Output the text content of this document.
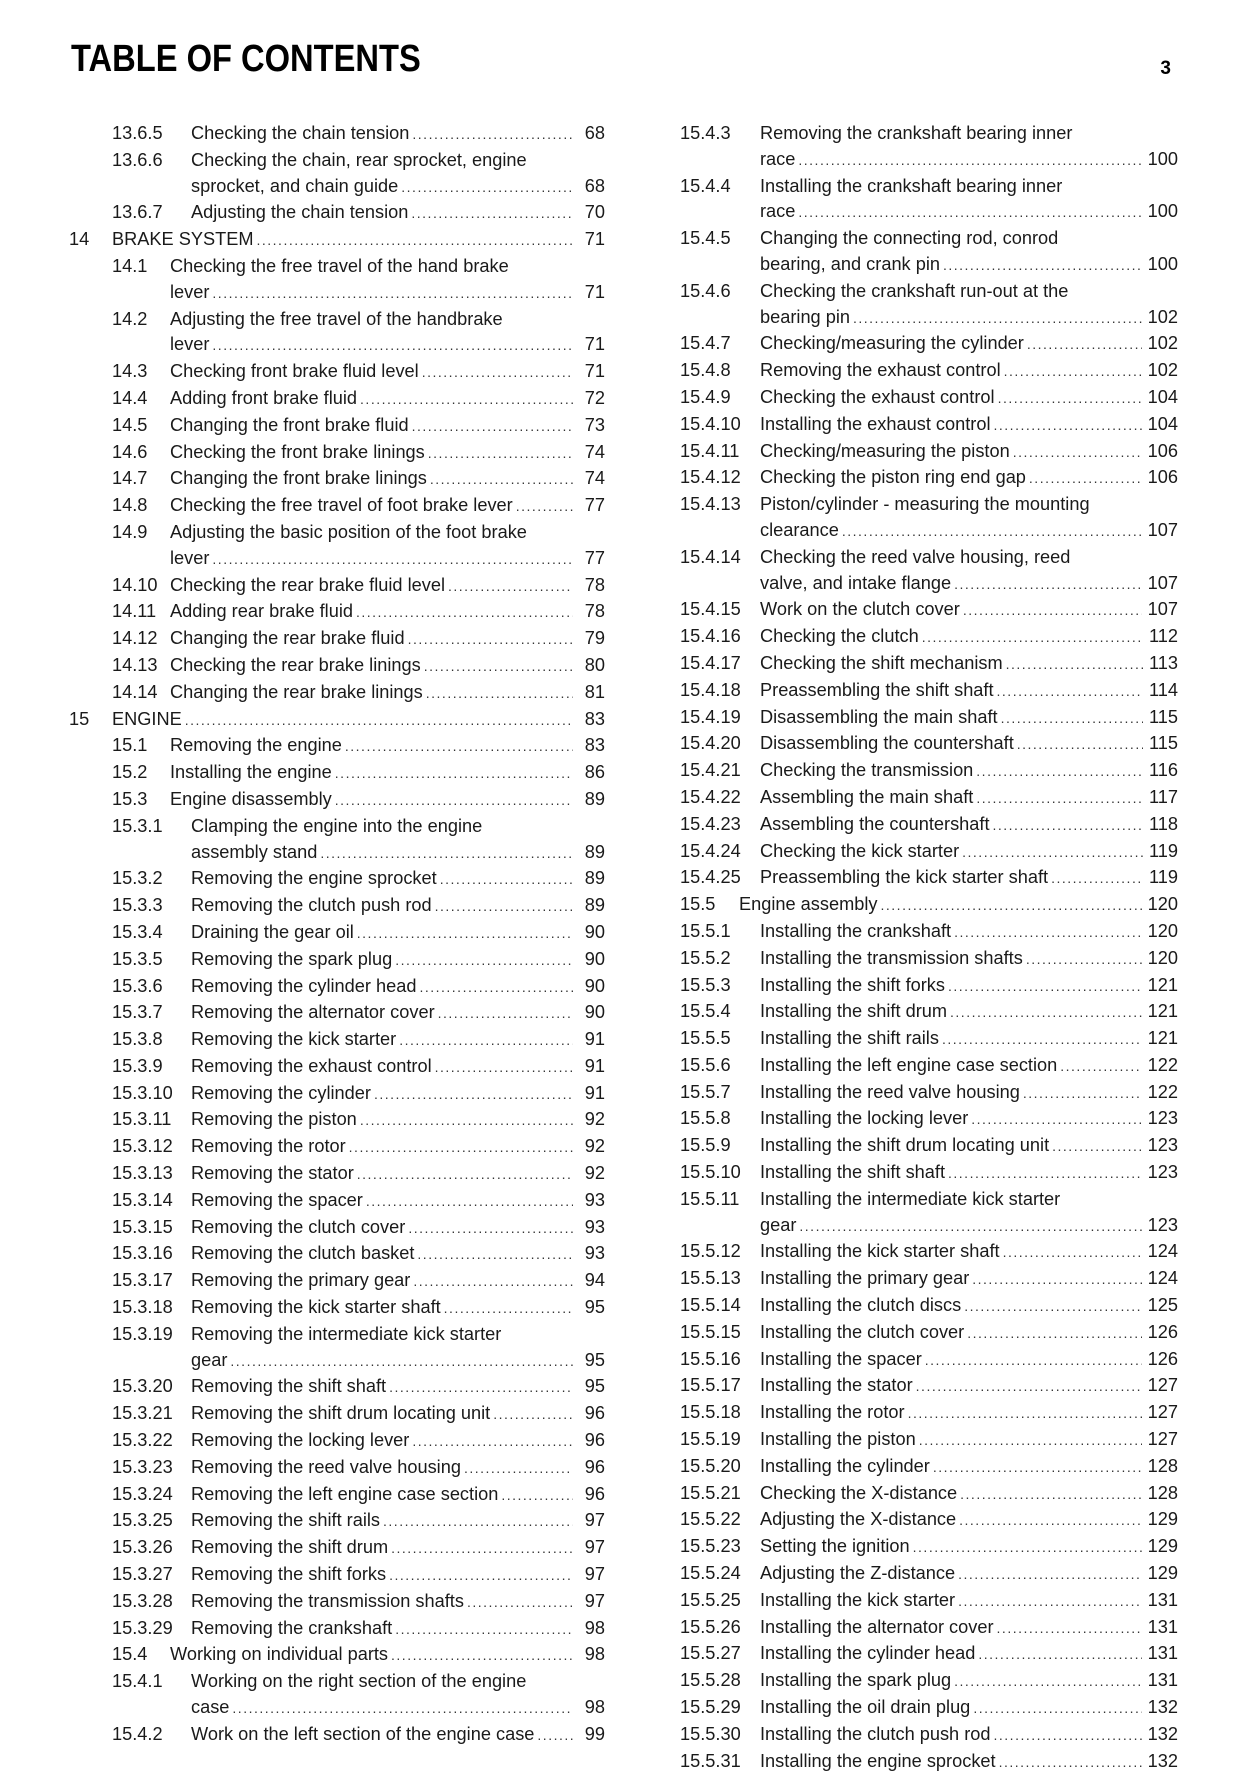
TABLE OF CONTENTS	3
13.6.5 Checking the chain tension .....	68
13.6.6 Checking the chain, rear sprocket, engine
sprocket, and chain guide .....	68
13.6.7 Adjusting the chain tension .....	70
14 BRAKE SYSTEM .....	71
14.1 Checking the free travel of the hand brake
lever .....	71
14.2 Adjusting the free travel of the handbrake
lever .....	71
14.3 Checking front brake fluid level .....	71
14.4 Adding front brake fluid .....	72
14.5 Changing the front brake fluid .....	73
14.6 Checking the front brake linings .....	74
14.7 Changing the front brake linings .....	74
14.8 Checking the free travel of foot brake lever .....	77
14.9 Adjusting the basic position of the foot brake
lever .....	77
14.10 Checking the rear brake fluid level .....	78
14.11 Adding rear brake fluid .....	78
14.12 Changing the rear brake fluid .....	79
14.13 Checking the rear brake linings .....	80
14.14 Changing the rear brake linings .....	81
15 ENGINE .....	83
15.1 Removing the engine .....	83
15.2 Installing the engine .....	86
15.3 Engine disassembly .....	89
15.3.1 Clamping the engine into the engine
assembly stand .....	89
15.3.2 Removing the engine sprocket .....	89
15.3.3 Removing the clutch push rod .....	89
15.3.4 Draining the gear oil .....	90
15.3.5 Removing the spark plug .....	90
15.3.6 Removing the cylinder head .....	90
15.3.7 Removing the alternator cover .....	90
15.3.8 Removing the kick starter .....	91
15.3.9 Removing the exhaust control .....	91
15.3.10 Removing the cylinder .....	91
15.3.11 Removing the piston .....	92
15.3.12 Removing the rotor .....	92
15.3.13 Removing the stator .....	92
15.3.14 Removing the spacer .....	93
15.3.15 Removing the clutch cover .....	93
15.3.16 Removing the clutch basket .....	93
15.3.17 Removing the primary gear .....	94
15.3.18 Removing the kick starter shaft .....	95
15.3.19 Removing the intermediate kick starter
gear .....	95
15.3.20 Removing the shift shaft .....	95
15.3.21 Removing the shift drum locating unit .....	96
15.3.22 Removing the locking lever .....	96
15.3.23 Removing the reed valve housing .....	96
15.3.24 Removing the left engine case section .....	96
15.3.25 Removing the shift rails .....	97
15.3.26 Removing the shift drum .....	97
15.3.27 Removing the shift forks .....	97
15.3.28 Removing the transmission shafts .....	97
15.3.29 Removing the crankshaft .....	98
15.4 Working on individual parts .....	98
15.4.1 Working on the right section of the engine
case .....	98
15.4.2 Work on the left section of the engine case .....	99
15.4.3 Removing the crankshaft bearing inner
race .....	100
15.4.4 Installing the crankshaft bearing inner
race .....	100
15.4.5 Changing the connecting rod, conrod
bearing, and crank pin .....	100
15.4.6 Checking the crankshaft run-out at the
bearing pin .....	102
15.4.7 Checking/measuring the cylinder .....	102
15.4.8 Removing the exhaust control .....	102
15.4.9 Checking the exhaust control .....	104
15.4.10 Installing the exhaust control .....	104
15.4.11 Checking/measuring the piston .....	106
15.4.12 Checking the piston ring end gap .....	106
15.4.13 Piston/cylinder - measuring the mounting
clearance .....	107
15.4.14 Checking the reed valve housing, reed
valve, and intake flange .....	107
15.4.15 Work on the clutch cover .....	107
15.4.16 Checking the clutch .....	112
15.4.17 Checking the shift mechanism .....	113
15.4.18 Preassembling the shift shaft .....	114
15.4.19 Disassembling the main shaft .....	115
15.4.20 Disassembling the countershaft .....	115
15.4.21 Checking the transmission .....	116
15.4.22 Assembling the main shaft .....	117
15.4.23 Assembling the countershaft .....	118
15.4.24 Checking the kick starter .....	119
15.4.25 Preassembling the kick starter shaft .....	119
15.5 Engine assembly .....	120
15.5.1 Installing the crankshaft .....	120
15.5.2 Installing the transmission shafts .....	120
15.5.3 Installing the shift forks .....	121
15.5.4 Installing the shift drum .....	121
15.5.5 Installing the shift rails .....	121
15.5.6 Installing the left engine case section .....	122
15.5.7 Installing the reed valve housing .....	122
15.5.8 Installing the locking lever .....	123
15.5.9 Installing the shift drum locating unit .....	123
15.5.10 Installing the shift shaft .....	123
15.5.11 Installing the intermediate kick starter
gear .....	123
15.5.12 Installing the kick starter shaft .....	124
15.5.13 Installing the primary gear .....	124
15.5.14 Installing the clutch discs .....	125
15.5.15 Installing the clutch cover .....	126
15.5.16 Installing the spacer .....	126
15.5.17 Installing the stator .....	127
15.5.18 Installing the rotor .....	127
15.5.19 Installing the piston .....	127
15.5.20 Installing the cylinder .....	128
15.5.21 Checking the X-distance .....	128
15.5.22 Adjusting the X-distance .....	129
15.5.23 Setting the ignition .....	129
15.5.24 Adjusting the Z-distance .....	129
15.5.25 Installing the kick starter .....	131
15.5.26 Installing the alternator cover .....	131
15.5.27 Installing the cylinder head .....	131
15.5.28 Installing the spark plug .....	131
15.5.29 Installing the oil drain plug .....	132
15.5.30 Installing the clutch push rod .....	132
15.5.31 Installing the engine sprocket .....	132
